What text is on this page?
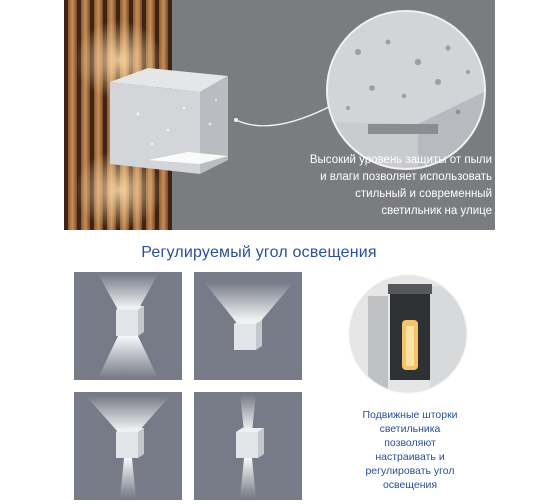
Высокий уровень защиты от пыли
и влаги позволяет использовать
стильный и современный
светильник на улице
Регулируемый угол освещения
Подвижные шторки
светильника
позволяют
настраивать и
регулировать угол
освещения
